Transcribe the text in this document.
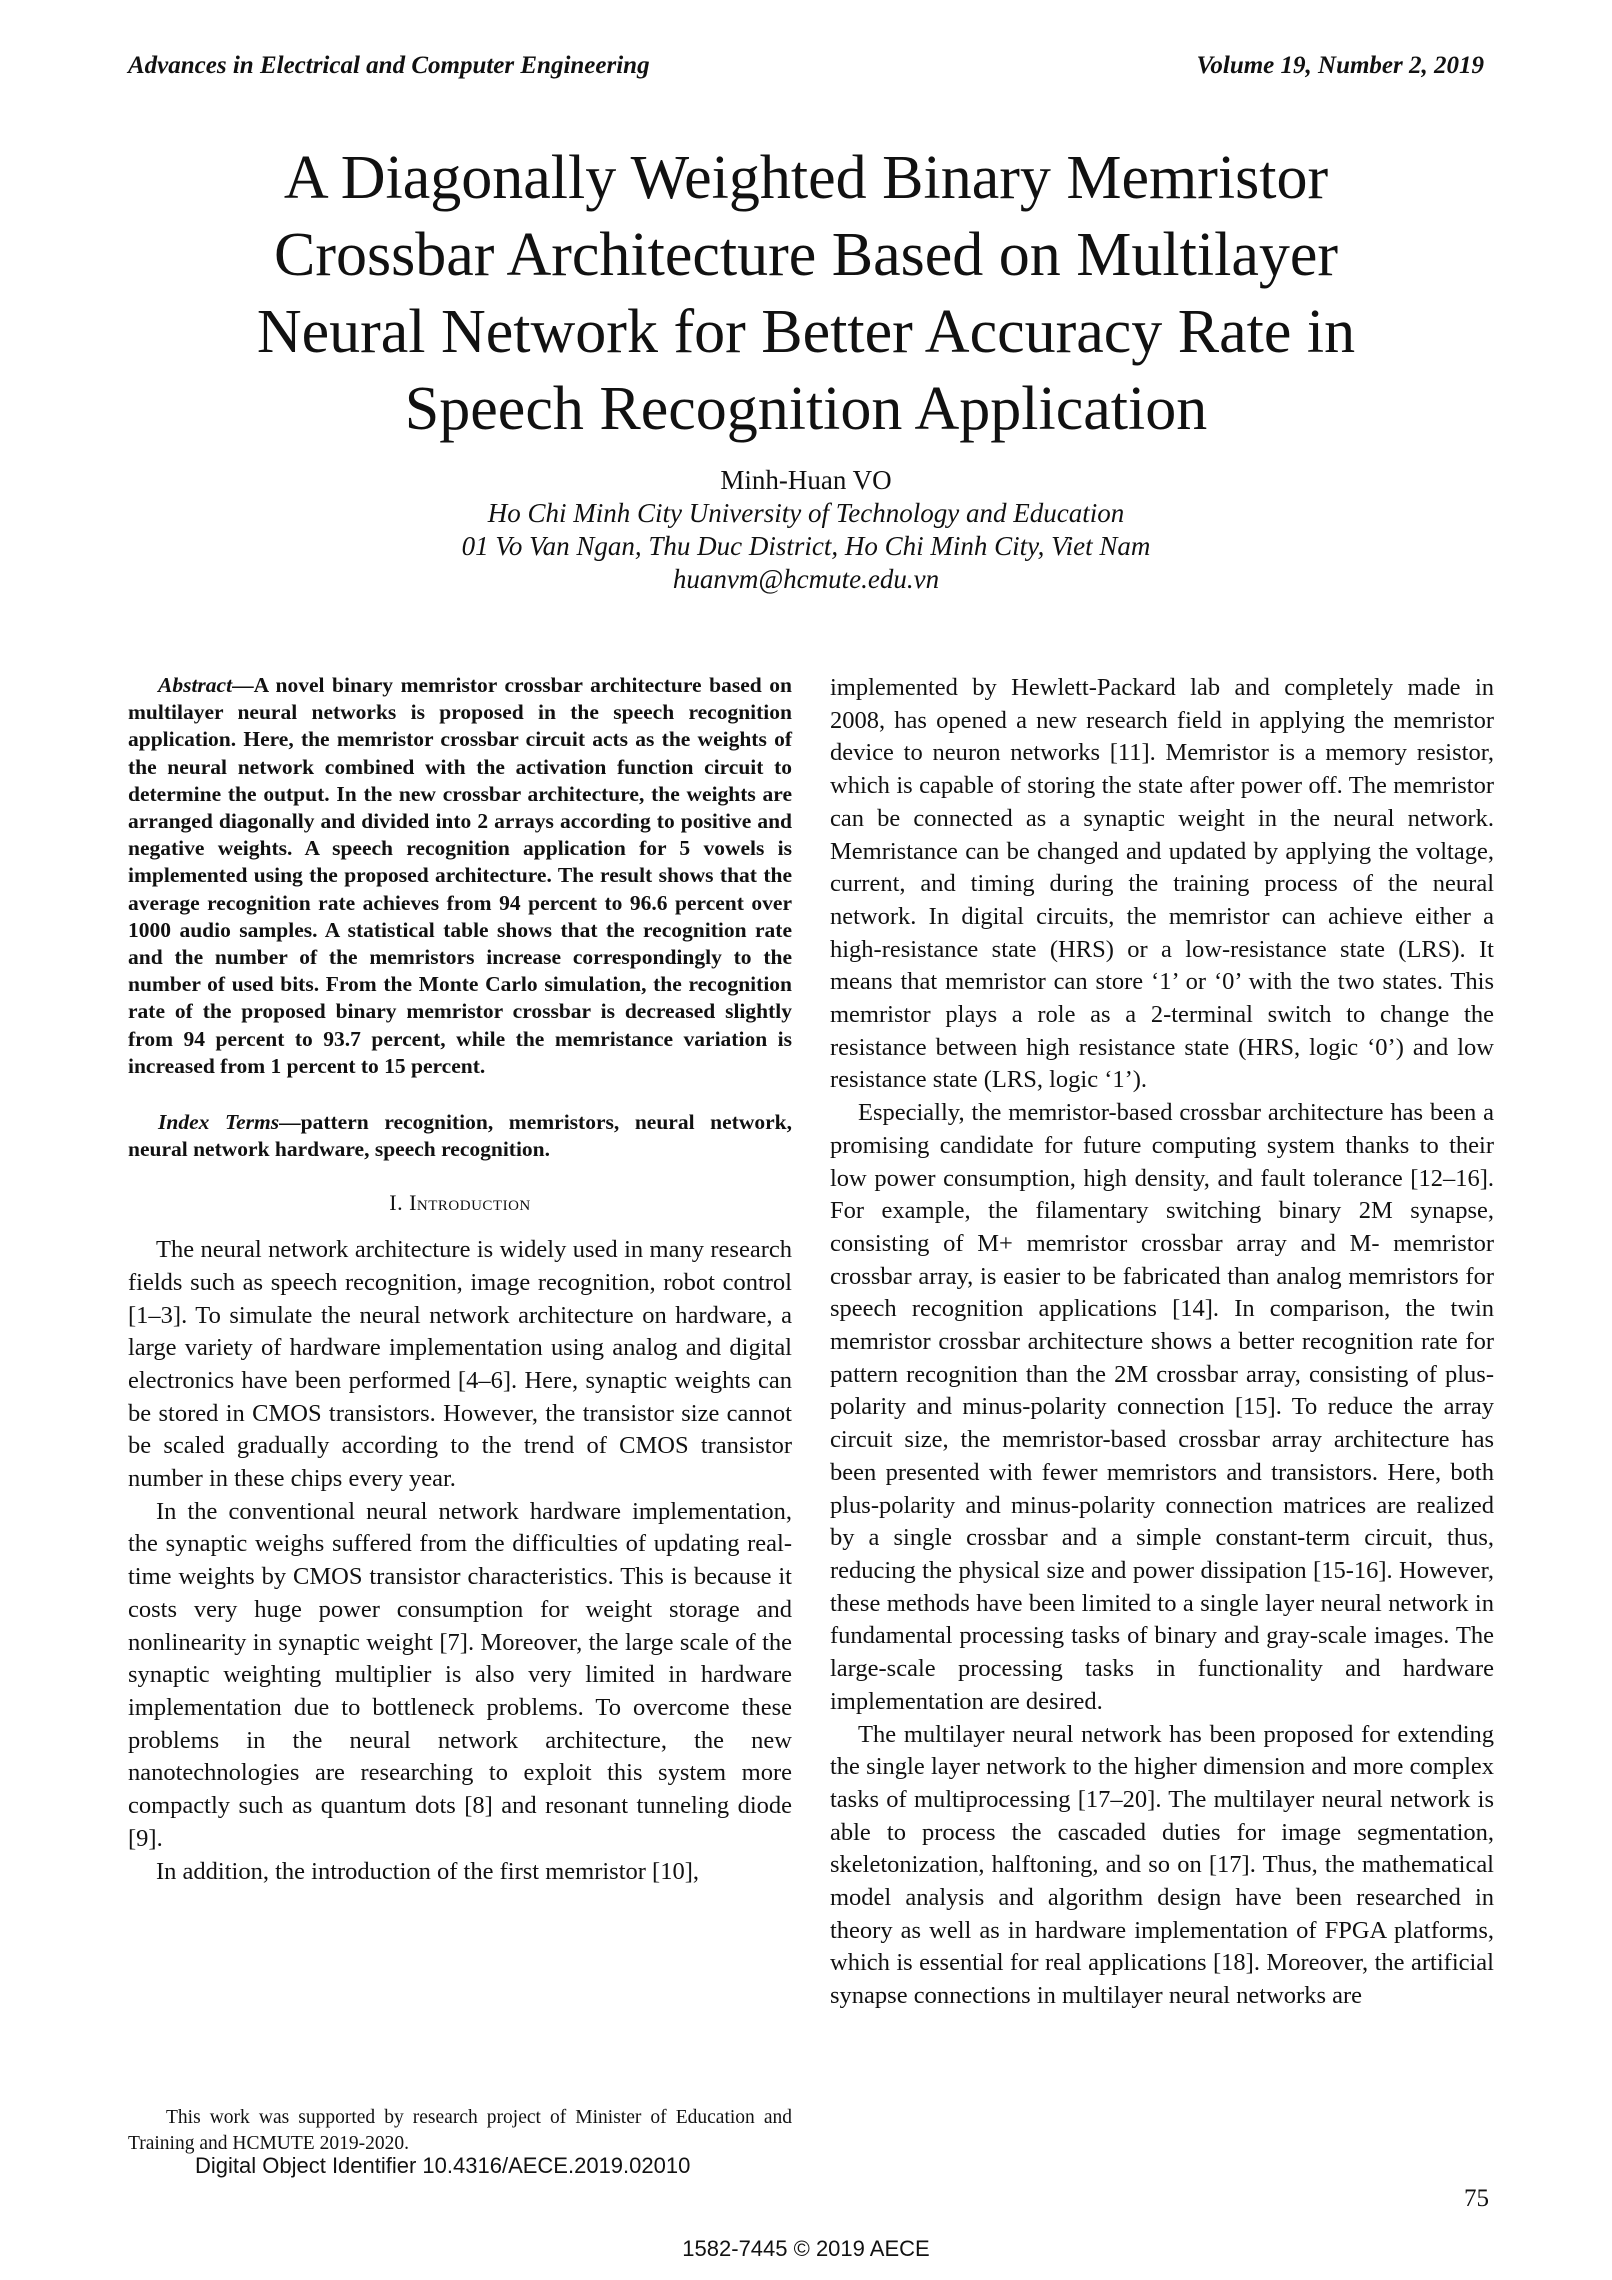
Advances in Electrical and Computer Engineering	Volume 19, Number 2, 2019
A Diagonally Weighted Binary Memristor
Crossbar Architecture Based on Multilayer
Neural Network for Better Accuracy Rate in
Speech Recognition Application
Minh-Huan VO
Ho Chi Minh City University of Technology and Education
01 Vo Van Ngan, Thu Duc District, Ho Chi Minh City, Viet Nam
huanvm@hcmute.edu.vn

Abstract—A novel binary memristor crossbar architecture based on multilayer neural networks is proposed in the speech recognition application. Here, the memristor crossbar circuit acts as the weights of the neural network combined with the activation function circuit to determine the output. In the new crossbar architecture, the weights are arranged diagonally and divided into 2 arrays according to positive and negative weights. A speech recognition application for 5 vowels is implemented using the proposed architecture. The result shows that the average recognition rate achieves from 94 percent to 96.6 percent over 1000 audio samples. A statistical table shows that the recognition rate and the number of the memristors increase correspondingly to the number of used bits. From the Monte Carlo simulation, the recognition rate of the proposed binary memristor crossbar is decreased slightly from 94 percent to 93.7 percent, while the memristance variation is increased from 1 percent to 15 percent.

Index Terms—pattern recognition, memristors, neural network, neural network hardware, speech recognition.

I. Introduction

The neural network architecture is widely used in many research fields such as speech recognition, image recognition, robot control [1–3]. To simulate the neural network architecture on hardware, a large variety of hardware implementation using analog and digital electronics have been performed [4–6]. Here, synaptic weights can be stored in CMOS transistors. However, the transistor size cannot be scaled gradually according to the trend of CMOS transistor number in these chips every year.

In the conventional neural network hardware implementation, the synaptic weighs suffered from the difficulties of updating real-time weights by CMOS transistor characteristics. This is because it costs very huge power consumption for weight storage and nonlinearity in synaptic weight [7]. Moreover, the large scale of the synaptic weighting multiplier is also very limited in hardware implementation due to bottleneck problems. To overcome these problems in the neural network architecture, the new nanotechnologies are researching to exploit this system more compactly such as quantum dots [8] and resonant tunneling diode [9].

In addition, the introduction of the first memristor [10],

implemented by Hewlett-Packard lab and completely made in 2008, has opened a new research field in applying the memristor device to neuron networks [11]. Memristor is a memory resistor, which is capable of storing the state after power off. The memristor can be connected as a synaptic weight in the neural network. Memristance can be changed and updated by applying the voltage, current, and timing during the training process of the neural network. In digital circuits, the memristor can achieve either a high-resistance state (HRS) or a low-resistance state (LRS). It means that memristor can store ‘1’ or ‘0’ with the two states. This memristor plays a role as a 2-terminal switch to change the resistance between high resistance state (HRS, logic ‘0’) and low resistance state (LRS, logic ‘1’).

Especially, the memristor-based crossbar architecture has been a promising candidate for future computing system thanks to their low power consumption, high density, and fault tolerance [12–16]. For example, the filamentary switching binary 2M synapse, consisting of M+ memristor crossbar array and M- memristor crossbar array, is easier to be fabricated than analog memristors for speech recognition applications [14]. In comparison, the twin memristor crossbar architecture shows a better recognition rate for pattern recognition than the 2M crossbar array, consisting of plus-polarity and minus-polarity connection [15]. To reduce the array circuit size, the memristor-based crossbar array architecture has been presented with fewer memristors and transistors. Here, both plus-polarity and minus-polarity connection matrices are realized by a single crossbar and a simple constant-term circuit, thus, reducing the physical size and power dissipation [15-16]. However, these methods have been limited to a single layer neural network in fundamental processing tasks of binary and gray-scale images. The large-scale processing tasks in functionality and hardware implementation are desired.

The multilayer neural network has been proposed for extending the single layer network to the higher dimension and more complex tasks of multiprocessing [17–20]. The multilayer neural network is able to process the cascaded duties for image segmentation, skeletonization, halftoning, and so on [17]. Thus, the mathematical model analysis and algorithm design have been researched in theory as well as in hardware implementation of FPGA platforms, which is essential for real applications [18]. Moreover, the artificial synapse connections in multilayer neural networks are

This work was supported by research project of Minister of Education and Training and HCMUTE 2019-2020.
Digital Object Identifier 10.4316/AECE.2019.02010
75
1582-7445 © 2019 AECE
